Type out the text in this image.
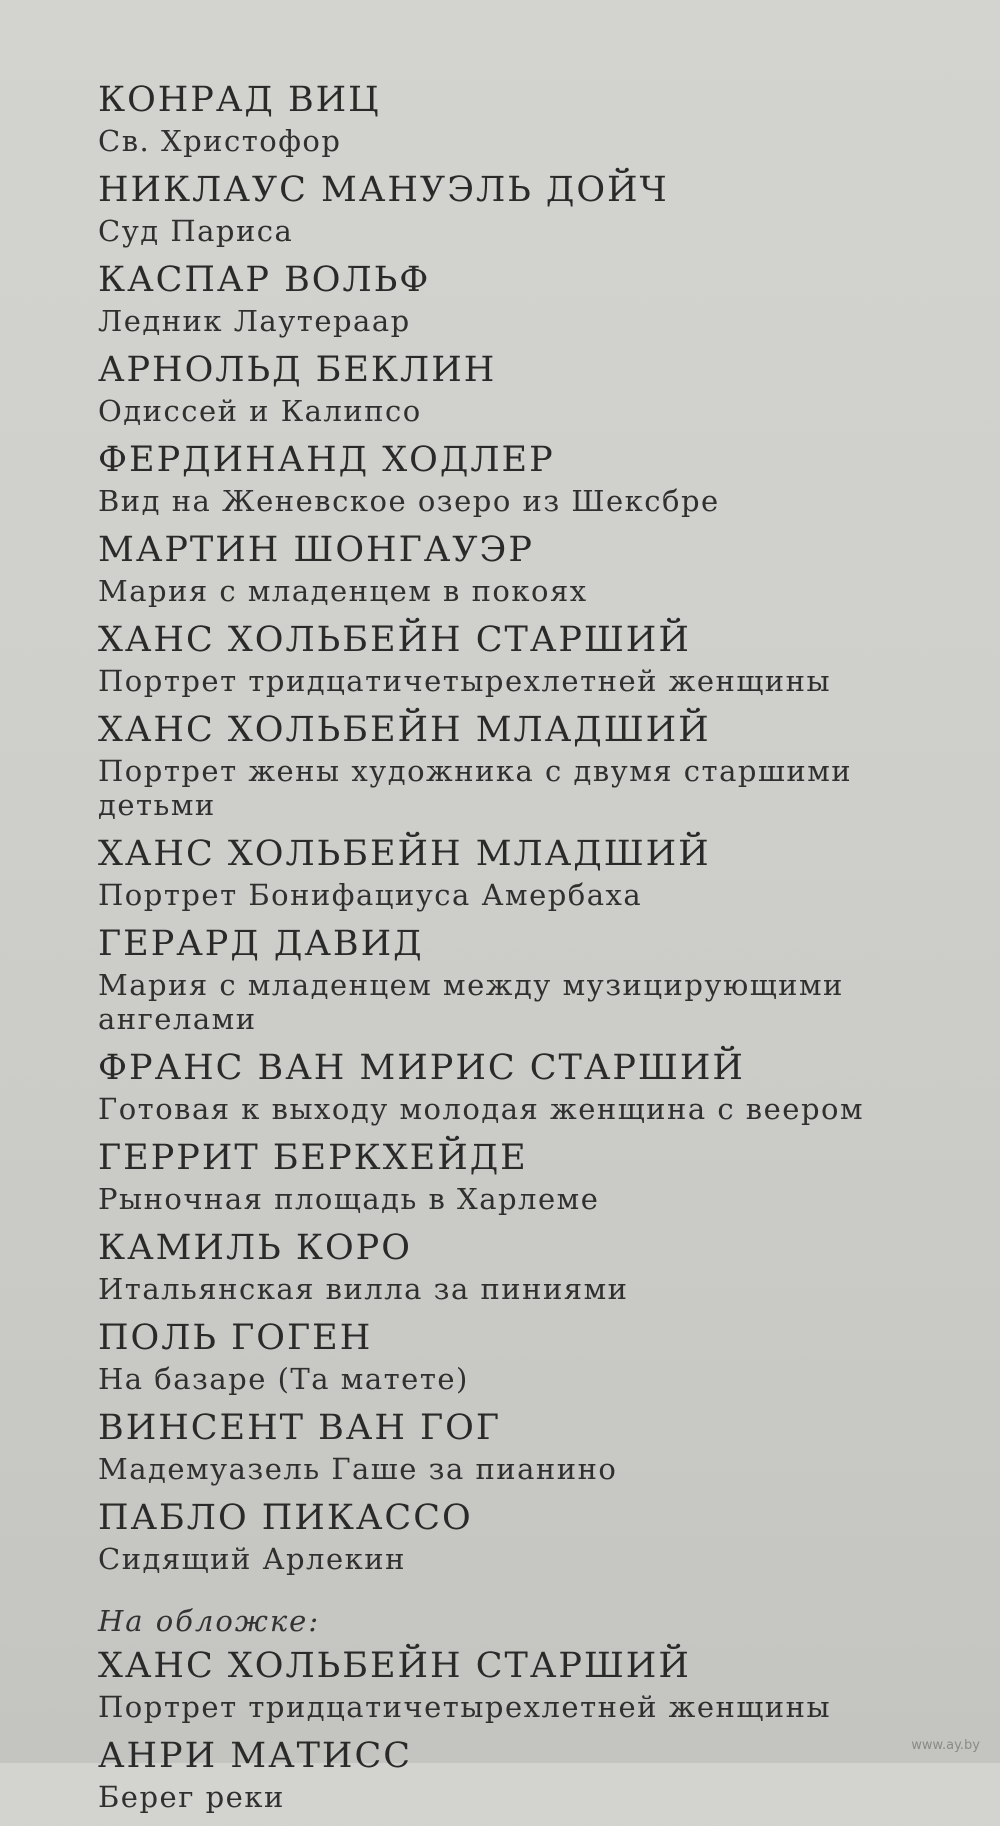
КОНРАД ВИЦ
Св. Христофор
НИКЛАУС МАНУЭЛЬ ДОЙЧ
Суд Париса
КАСПАР ВОЛЬФ
Ледник Лаутераар
АРНОЛЬД БЕКЛИН
Одиссей и Калипсо
ФЕРДИНАНД ХОДЛЕР
Вид на Женевское озеро из Шексбре
МАРТИН ШОНГАУЭР
Мария с младенцем в покоях
ХАНС ХОЛЬБЕЙН СТАРШИЙ
Портрет тридцатичетырехлетней женщины
ХАНС ХОЛЬБЕЙН МЛАДШИЙ
Портрет жены художника с двумя старшими детьми
ХАНС ХОЛЬБЕЙН МЛАДШИЙ
Портрет Бонифациуса Амербаха
ГЕРАРД ДАВИД
Мария с младенцем между музицирующими ангелами
ФРАНС ВАН МИРИС СТАРШИЙ
Готовая к выходу молодая женщина с веером
ГЕРРИТ БЕРКХЕЙДЕ
Рыночная площадь в Харлеме
КАМИЛЬ КОРО
Итальянская вилла за пиниями
ПОЛЬ ГОГЕН
На базаре (Та матете)
ВИНСЕНТ ВАН ГОГ
Мадемуазель Гаше за пианино
ПАБЛО ПИКАССО
Сидящий Арлекин
На обложке:
ХАНС ХОЛЬБЕЙН СТАРШИЙ
Портрет тридцатичетырехлетней женщины
АНРИ МАТИСС
Берег реки
www.ay.by
